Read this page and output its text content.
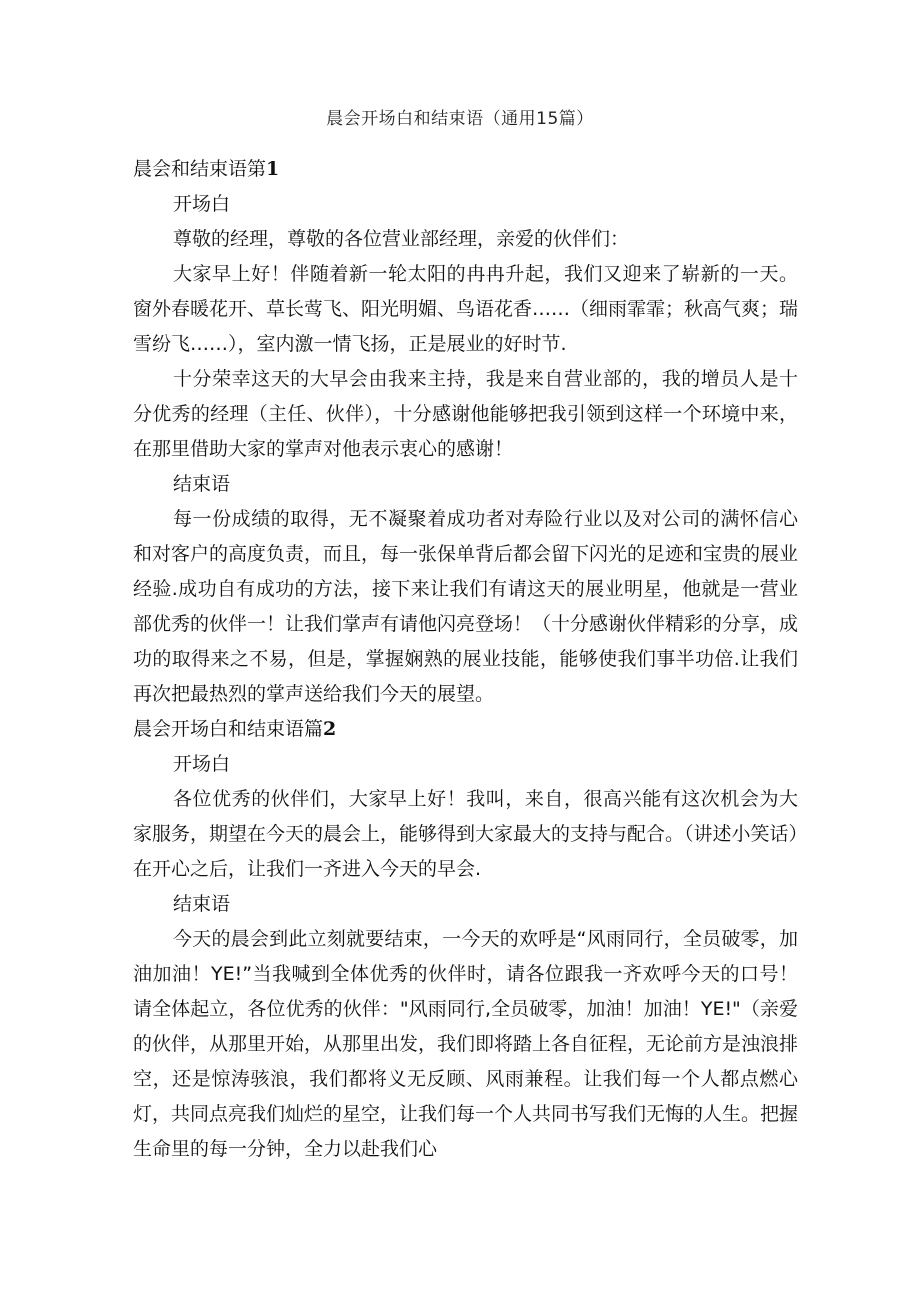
晨会开场白和结束语（通用15篇）
晨会和结束语第1

开场白

尊敬的经理，尊敬的各位营业部经理，亲爱的伙伴们：

大家早上好！伴随着新一轮太阳的冉冉升起，我们又迎来了崭新的一天。窗外春暖花开、草长莺飞、阳光明媚、鸟语花香……（细雨霏霏；秋高气爽；瑞雪纷飞……），室内激一情飞扬，正是展业的好时节.

十分荣幸这天的大早会由我来主持，我是来自营业部的，我的增员人是十分优秀的经理（主任、伙伴），十分感谢他能够把我引领到这样一个环境中来，在那里借助大家的掌声对他表示衷心的感谢！

结束语

每一份成绩的取得，无不凝聚着成功者对寿险行业以及对公司的满怀信心和对客户的高度负责，而且，每一张保单背后都会留下闪光的足迹和宝贵的展业经验.成功自有成功的方法，接下来让我们有请这天的展业明星，他就是一营业部优秀的伙伴一！让我们掌声有请他闪亮登场！（十分感谢伙伴精彩的分享，成功的取得来之不易，但是，掌握娴熟的展业技能，能够使我们事半功倍.让我们再次把最热烈的掌声送给我们今天的展望。

晨会开场白和结束语篇2

开场白

各位优秀的伙伴们，大家早上好！我叫，来自，很高兴能有这次机会为大家服务，期望在今天的晨会上，能够得到大家最大的支持与配合。（讲述小笑话）在开心之后，让我们一齐进入今天的早会.

结束语

今天的晨会到此立刻就要结束，一今天的欢呼是“风雨同行，全员破零，加油加油！YE!”当我喊到全体优秀的伙伴时，请各位跟我一齐欢呼今天的口号！请全体起立，各位优秀的伙伴："风雨同行,全员破零，加油！加油！YE!"（亲爱的伙伴，从那里开始，从那里出发，我们即将踏上各自征程，无论前方是浊浪排空，还是惊涛骇浪，我们都将义无反顾、风雨兼程。让我们每一个人都点燃心灯，共同点亮我们灿烂的星空，让我们每一个人共同书写我们无悔的人生。把握生命里的每一分钟，全力以赴我们心
